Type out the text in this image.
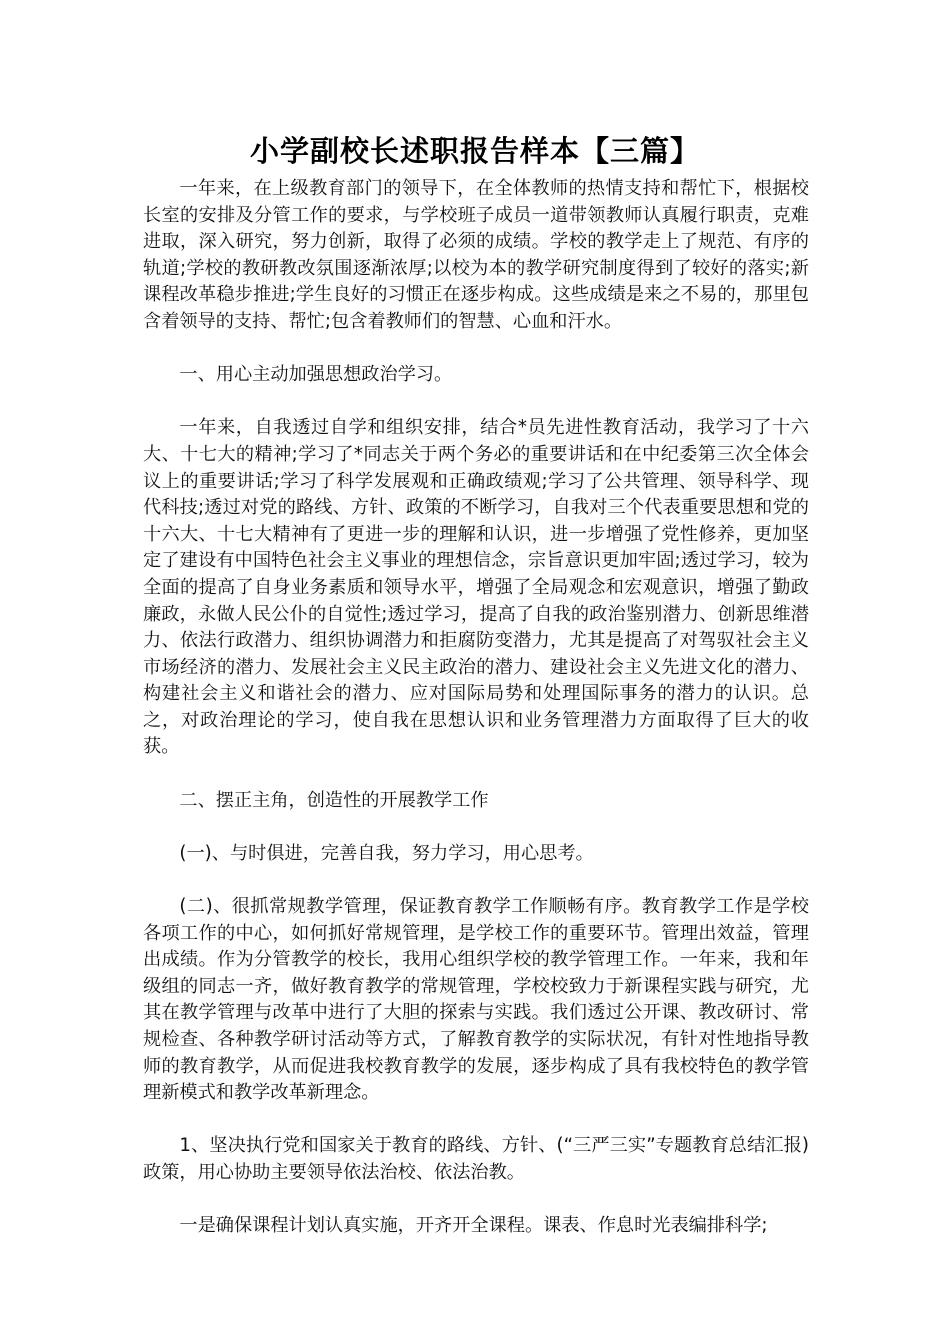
小学副校长述职报告样本【三篇】

一年来，在上级教育部门的领导下，在全体教师的热情支持和帮忙下，根据校长室的安排及分管工作的要求，与学校班子成员一道带领教师认真履行职责，克难进取，深入研究，努力创新，取得了必须的成绩。学校的教学走上了规范、有序的轨道;学校的教研教改氛围逐渐浓厚;以校为本的教学研究制度得到了较好的落实;新课程改革稳步推进;学生良好的习惯正在逐步构成。这些成绩是来之不易的，那里包含着领导的支持、帮忙;包含着教师们的智慧、心血和汗水。

一、用心主动加强思想政治学习。

一年来，自我透过自学和组织安排，结合*员先进性教育活动，我学习了十六大、十七大的精神;学习了*同志关于两个务必的重要讲话和在中纪委第三次全体会议上的重要讲话;学习了科学发展观和正确政绩观;学习了公共管理、领导科学、现代科技;透过对党的路线、方针、政策的不断学习，自我对三个代表重要思想和党的十六大、十七大精神有了更进一步的理解和认识，进一步增强了党性修养，更加坚定了建设有中国特色社会主义事业的理想信念，宗旨意识更加牢固;透过学习，较为全面的提高了自身业务素质和领导水平，增强了全局观念和宏观意识，增强了勤政廉政，永做人民公仆的自觉性;透过学习，提高了自我的政治鉴别潜力、创新思维潜力、依法行政潜力、组织协调潜力和拒腐防变潜力，尤其是提高了对驾驭社会主义市场经济的潜力、发展社会主义民主政治的潜力、建设社会主义先进文化的潜力、构建社会主义和谐社会的潜力、应对国际局势和处理国际事务的潜力的认识。总之，对政治理论的学习，使自我在思想认识和业务管理潜力方面取得了巨大的收获。

二、摆正主角，创造性的开展教学工作

(一)、与时俱进，完善自我，努力学习，用心思考。

(二)、很抓常规教学管理，保证教育教学工作顺畅有序。教育教学工作是学校各项工作的中心，如何抓好常规管理，是学校工作的重要环节。管理出效益，管理出成绩。作为分管教学的校长，我用心组织学校的教学管理工作。一年来，我和年级组的同志一齐，做好教育教学的常规管理，学校校致力于新课程实践与研究，尤其在教学管理与改革中进行了大胆的探索与实践。我们透过公开课、教改研讨、常规检查、各种教学研讨活动等方式，了解教育教学的实际状况，有针对性地指导教师的教育教学，从而促进我校教育教学的发展，逐步构成了具有我校特色的教学管理新模式和教学改革新理念。

1、坚决执行党和国家关于教育的路线、方针、(“三严三实”专题教育总结汇报)政策，用心协助主要领导依法治校、依法治教。

一是确保课程计划认真实施，开齐开全课程。课表、作息时光表编排科学;
